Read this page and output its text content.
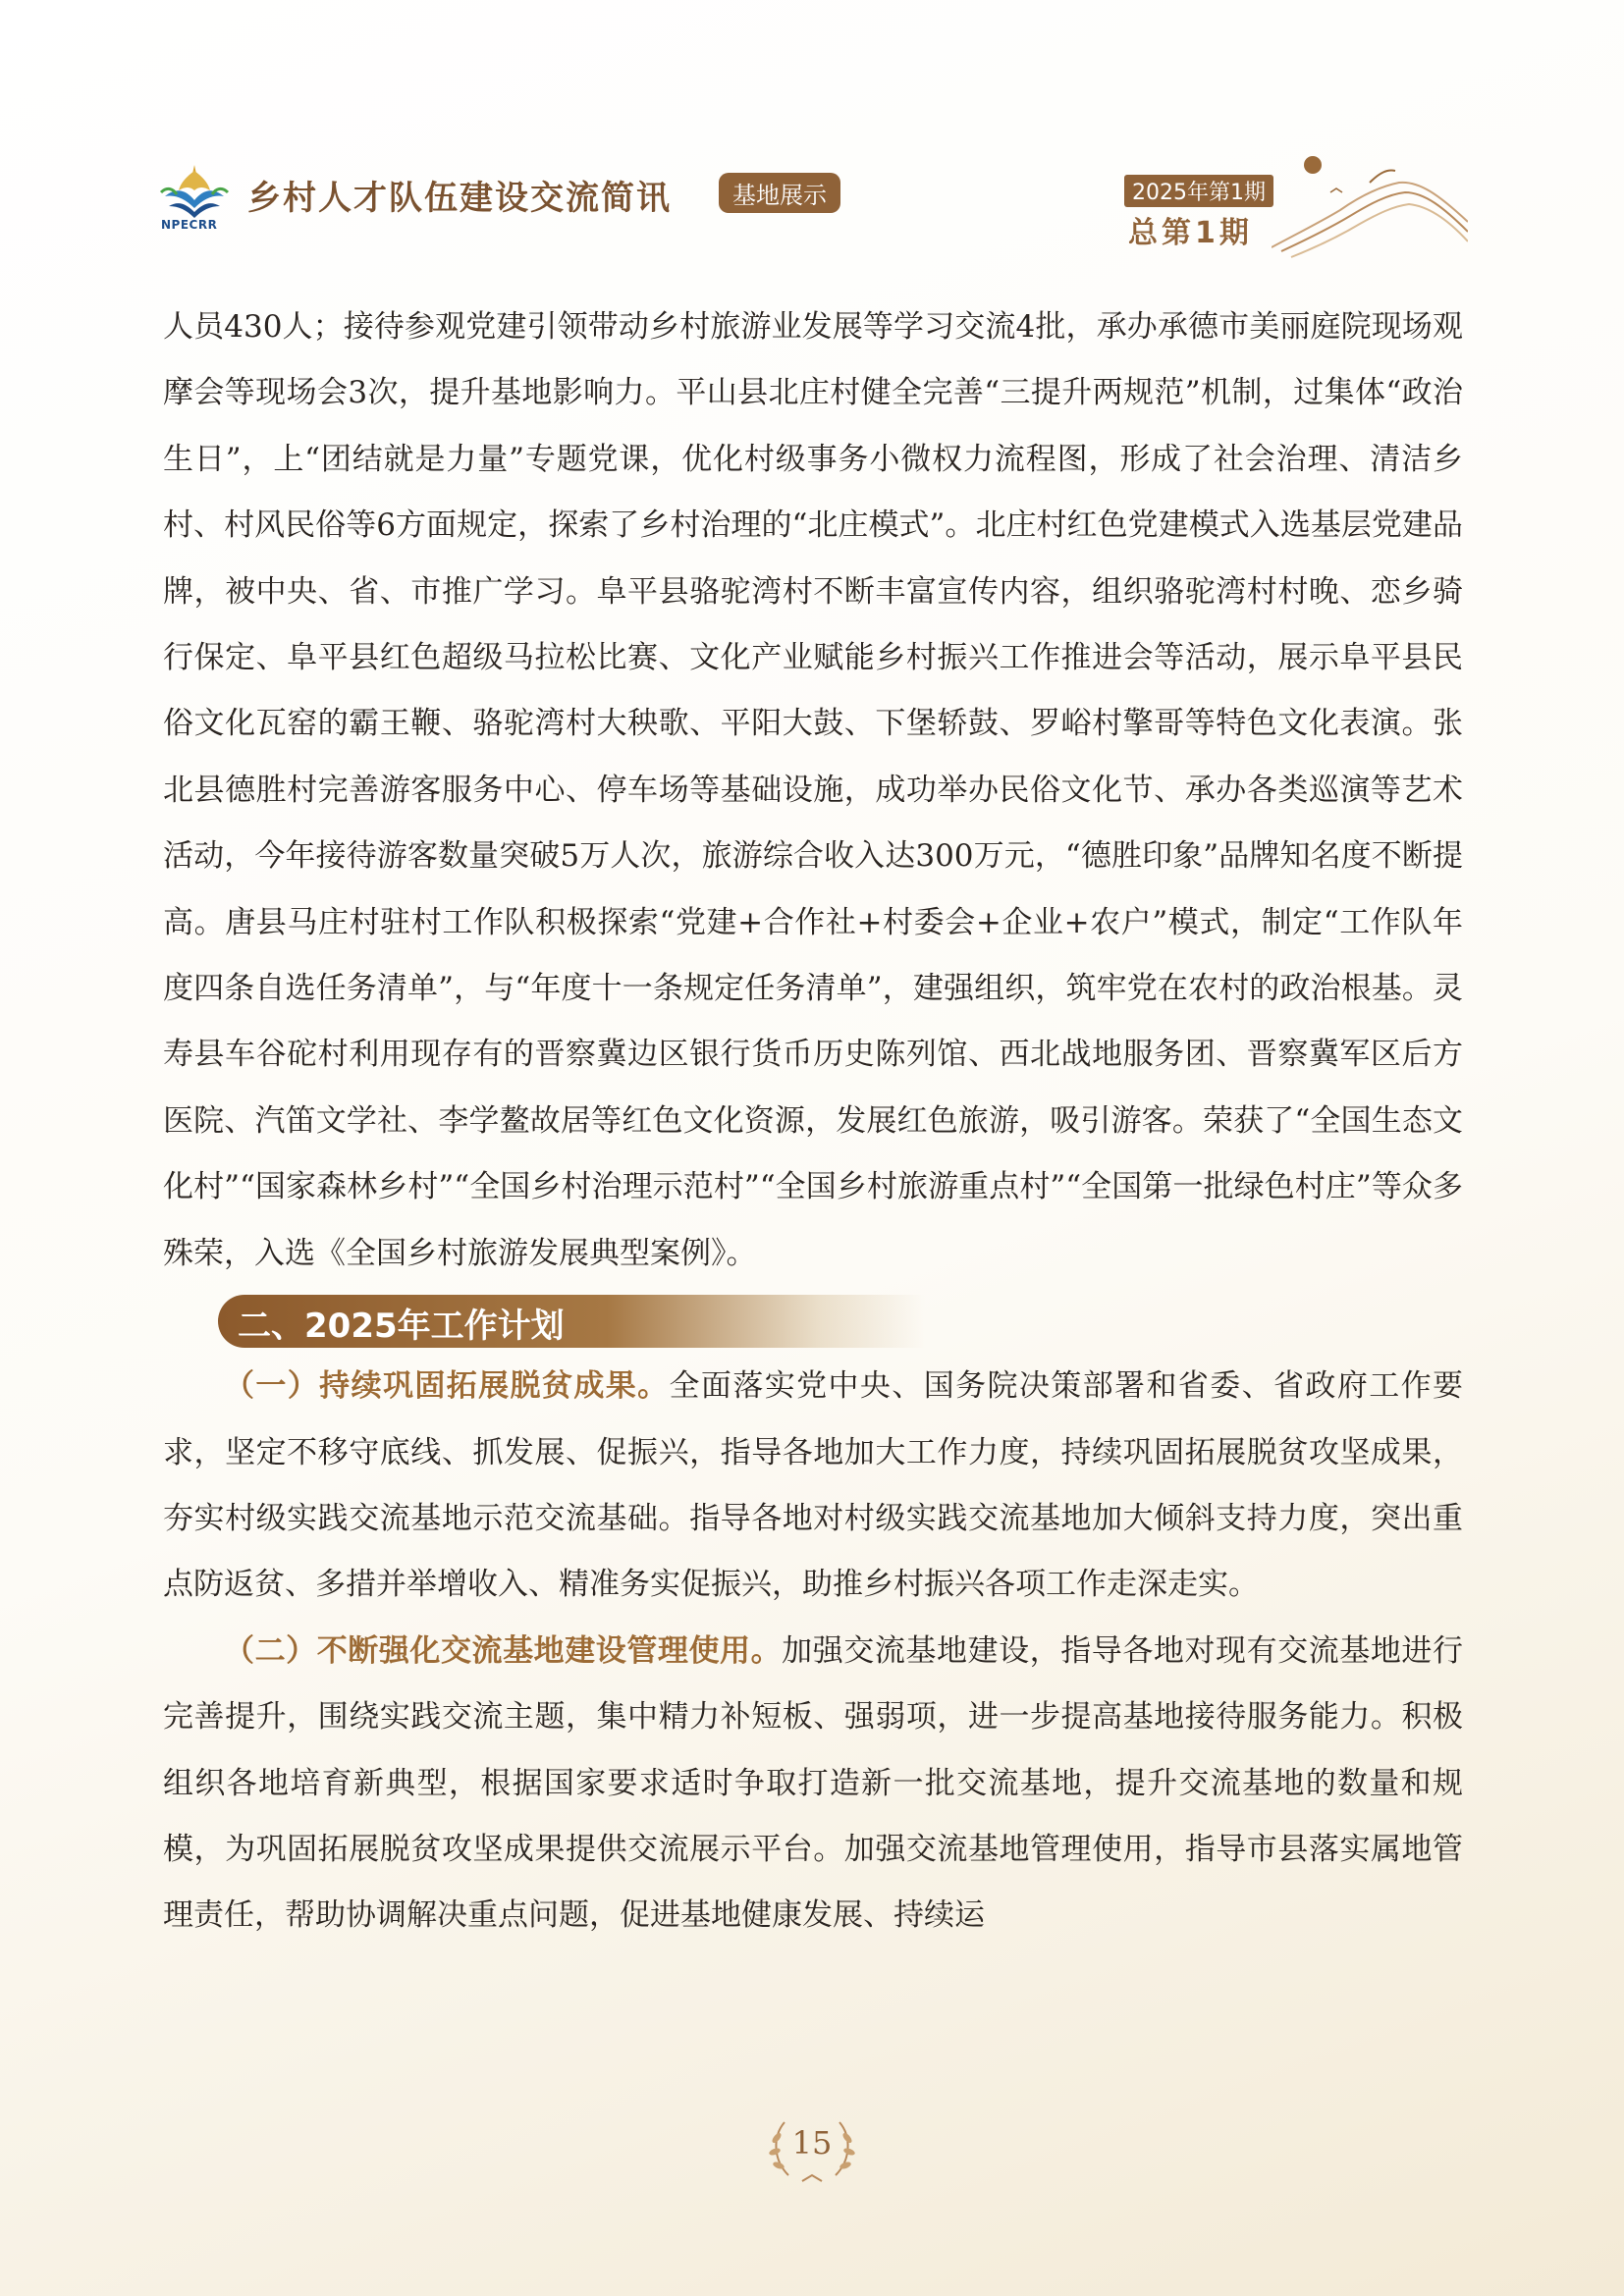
NPECRR
乡村人才队伍建设交流简讯	基地展示	2025年第1期
总第1期

人员430人；接待参观党建引领带动乡村旅游业发展等学习交流4批，承办承德市美丽庭院现场观摩会等现场会3次，提升基地影响力。平山县北庄村健全完善“三提升两规范”机制，过集体“政治生日”，上“团结就是力量”专题党课，优化村级事务小微权力流程图，形成了社会治理、清洁乡村、村风民俗等6方面规定，探索了乡村治理的“北庄模式”。北庄村红色党建模式入选基层党建品牌，被中央、省、市推广学习。阜平县骆驼湾村不断丰富宣传内容，组织骆驼湾村村晚、恋乡骑行保定、阜平县红色超级马拉松比赛、文化产业赋能乡村振兴工作推进会等活动，展示阜平县民俗文化瓦窑的霸王鞭、骆驼湾村大秧歌、平阳大鼓、下堡轿鼓、罗峪村擎哥等特色文化表演。张北县德胜村完善游客服务中心、停车场等基础设施，成功举办民俗文化节、承办各类巡演等艺术活动，今年接待游客数量突破5万人次，旅游综合收入达300万元，“德胜印象”品牌知名度不断提高。唐县马庄村驻村工作队积极探索“党建+合作社+村委会+企业+农户”模式，制定“工作队年度四条自选任务清单”，与“年度十一条规定任务清单”，建强组织，筑牢党在农村的政治根基。灵寿县车谷砣村利用现存有的晋察冀边区银行货币历史陈列馆、西北战地服务团、晋察冀军区后方医院、汽笛文学社、李学鳌故居等红色文化资源，发展红色旅游，吸引游客。荣获了“全国生态文化村”“国家森林乡村”“全国乡村治理示范村”“全国乡村旅游重点村”“全国第一批绿色村庄”等众多殊荣，入选《全国乡村旅游发展典型案例》。

二、2025年工作计划

（一）持续巩固拓展脱贫成果。全面落实党中央、国务院决策部署和省委、省政府工作要求，坚定不移守底线、抓发展、促振兴，指导各地加大工作力度，持续巩固拓展脱贫攻坚成果，夯实村级实践交流基地示范交流基础。指导各地对村级实践交流基地加大倾斜支持力度，突出重点防返贫、多措并举增收入、精准务实促振兴，助推乡村振兴各项工作走深走实。

（二）不断强化交流基地建设管理使用。加强交流基地建设，指导各地对现有交流基地进行完善提升，围绕实践交流主题，集中精力补短板、强弱项，进一步提高基地接待服务能力。积极组织各地培育新典型，根据国家要求适时争取打造新一批交流基地，提升交流基地的数量和规模，为巩固拓展脱贫攻坚成果提供交流展示平台。加强交流基地管理使用，指导市县落实属地管理责任，帮助协调解决重点问题，促进基地健康发展、持续运

15
